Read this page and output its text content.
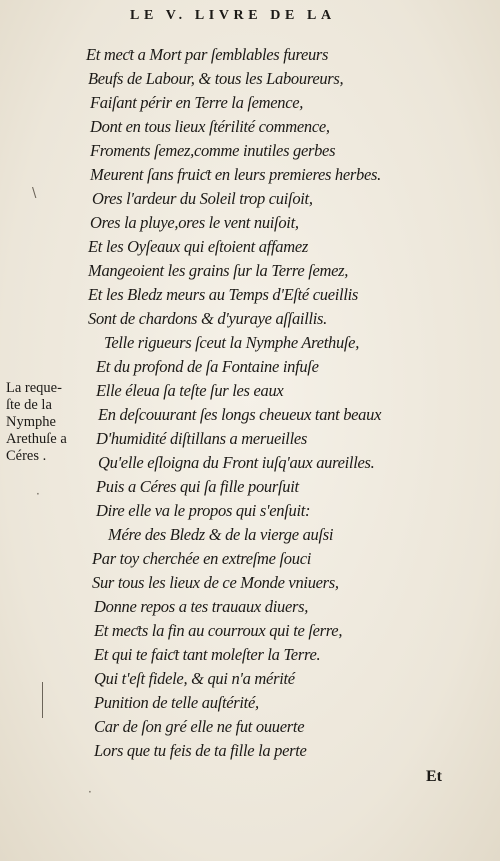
LE V. LIVRE DE LA
Et meƈt a Mort par ſemblables fureurs
Beufs de Labour, & tous les Laboureurs,
Faiſant périr en Terre la ſemence,
Dont en tous lieux ſtérilité commence,
Froments ſemez,comme inutiles gerbes
Meurent ſans fruiƈt en leurs premieres herbes.
Ores l'ardeur du Soleil trop cuiſoit,
Ores la pluye,ores le vent nuiſoit,
Et les Oyſeaux qui eſtoient affamez
Mangeoient les grains ſur la Terre ſemez,
Et les Bledz meurs au Temps d'Eſté cueillis
Sont de chardons & d'yuraye aſſaillis.
Telle rigueurs ſceut la Nymphe Arethuſe,
Et du profond de ſa Fontaine infuſe
Elle éleua ſa teſte ſur les eaux
En deſcouurant ſes longs cheueux tant beaux
D'humidité diſtillans a merueilles
Qu'elle eſloigna du Front iuſq'aux aureilles.
Puis a Céres qui ſa fille pourſuit
Dire elle va le propos qui s'enſuit:
Mére des Bledz & de la vierge auſsi
Par toy cherchée en extreſme ſouci
Sur tous les lieux de ce Monde vniuers,
Donne repos a tes trauaux diuers,
Et meƈts la fin au courroux qui te ſerre,
Et qui te faiƈt tant moleſter la Terre.
Qui t'eſt fidele, & qui n'a mérité
Punition de telle auſtérité,
Car de ſon gré elle ne fut ouuerte
Lors que tu feis de ta fille la perte
La reque-
ſte de la
Nymphe
Arethuſe a
Céres .
Et
\
·
·
